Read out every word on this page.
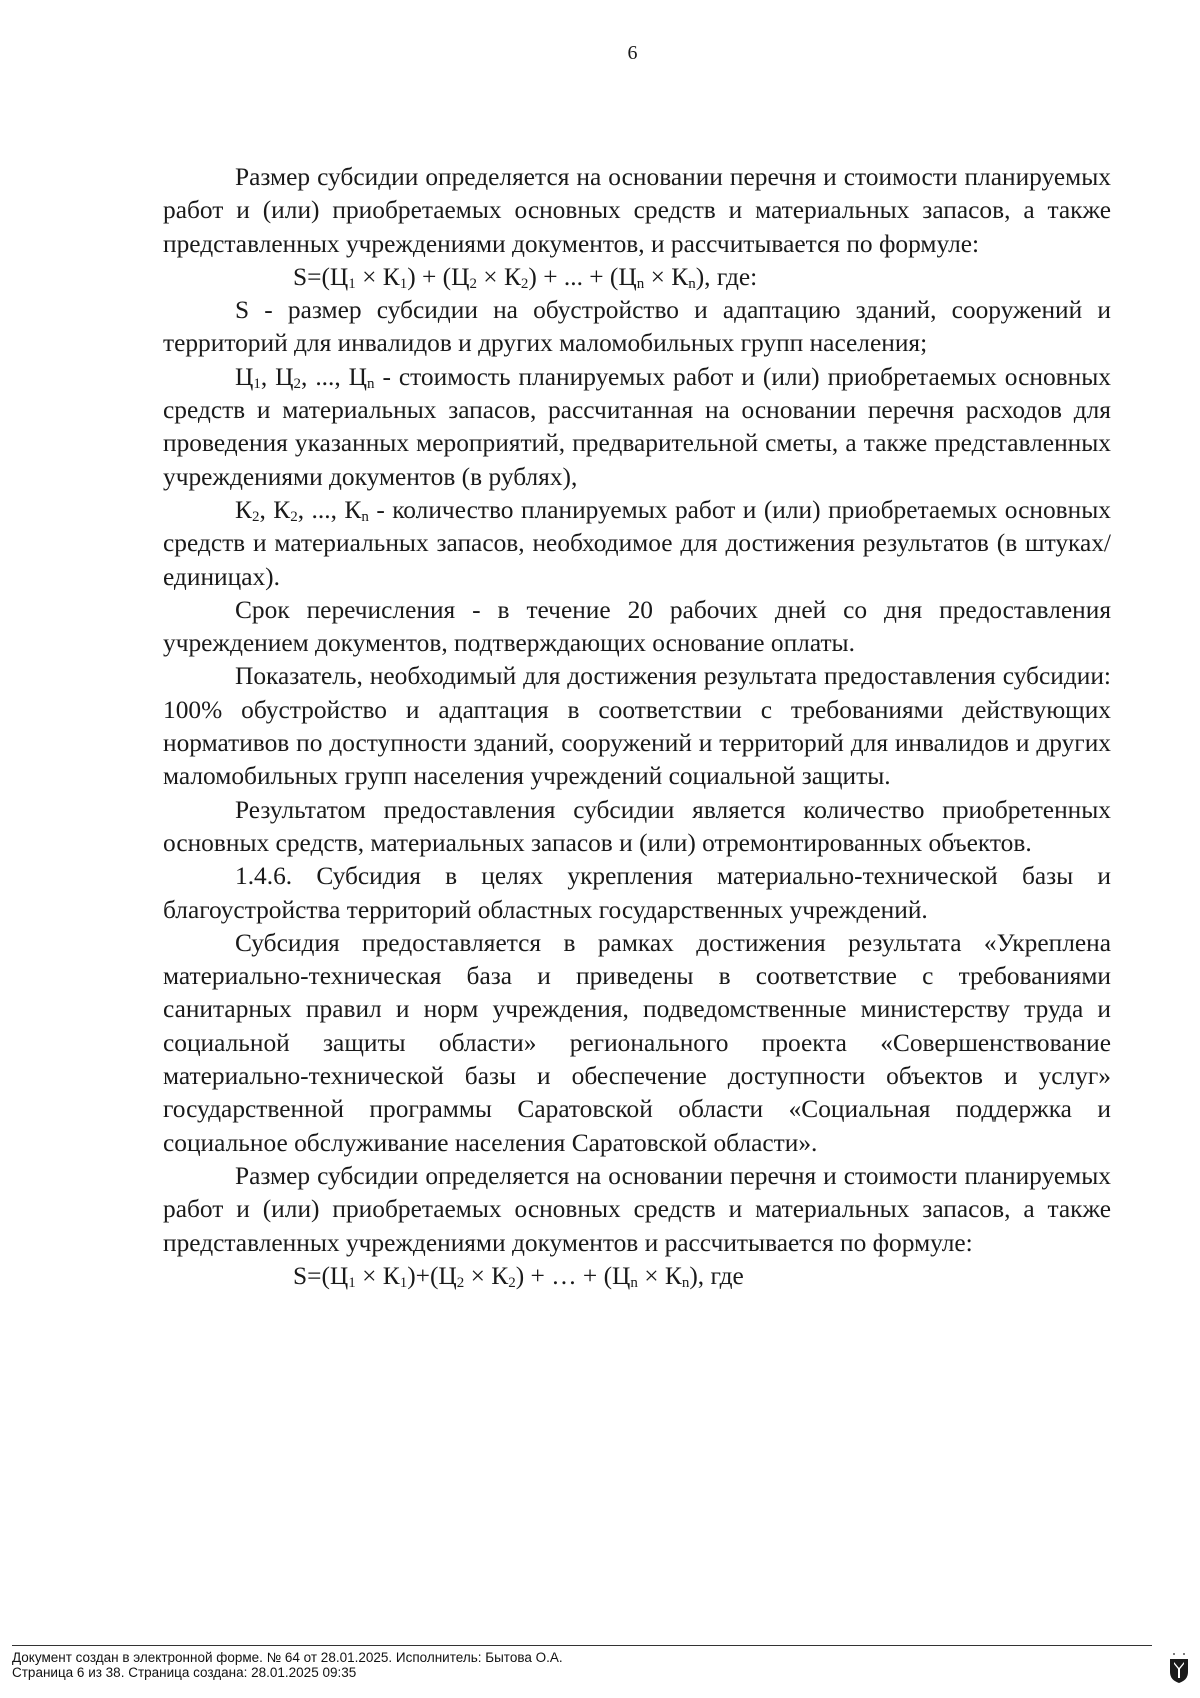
6

Размер субсидии определяется на основании перечня и стоимости планируемых работ и (или) приобретаемых основных средств и материальных запасов, а также представленных учреждениями документов, и рассчитывается по формуле:

$S=(Ц_1 \times К_1) + (Ц_2 \times К_2)$ + ... + $(Ц_n \times К_n)$, где:

S - размер субсидии на обустройство и адаптацию зданий, сооружений и территорий для инвалидов и других маломобильных групп населения;

$Ц_1$, $Ц_2$, ..., $Ц_n$ - стоимость планируемых работ и (или) приобретаемых основных средств и материальных запасов, рассчитанная на основании перечня расходов для проведения указанных мероприятий, предварительной сметы, а также представленных учреждениями документов (в рублях),

$К_2$, $К_2$, ..., $К_n$ - количество планируемых работ и (или) приобретаемых основных средств и материальных запасов, необходимое для достижения результатов (в штуках/единицах).

Срок перечисления - в течение 20 рабочих дней со дня предоставления учреждением документов, подтверждающих основание оплаты.

Показатель, необходимый для достижения результата предоставления субсидии: 100% обустройство и адаптация в соответствии с требованиями действующих нормативов по доступности зданий, сооружений и территорий для инвалидов и других маломобильных групп населения учреждений социальной защиты.

Результатом предоставления субсидии является количество приобретенных основных средств, материальных запасов и (или) отремонтированных объектов.

1.4.6. Субсидия в целях укрепления материально-технической базы и благоустройства территорий областных государственных учреждений.

Субсидия предоставляется в рамках достижения результата «Укреплена материально-техническая база и приведены в соответствие с требованиями санитарных правил и норм учреждения, подведомственные министерству труда и социальной защиты области» регионального проекта «Совершенствование материально-технической базы и обеспечение доступности объектов и услуг» государственной программы Саратовской области «Социальная поддержка и социальное обслуживание населения Саратовской области».

Размер субсидии определяется на основании перечня и стоимости планируемых работ и (или) приобретаемых основных средств и материальных запасов, а также представленных учреждениями документов и рассчитывается по формуле:

$S=(Ц_1 \times К_1)+(Ц_2 \times К_2)$ + … + $(Ц_n \times К_n)$, где

Документ создан в электронной форме. № 64 от 28.01.2025. Исполнитель: Бытова О.А.
Страница 6 из 38. Страница создана: 28.01.2025 09:35
